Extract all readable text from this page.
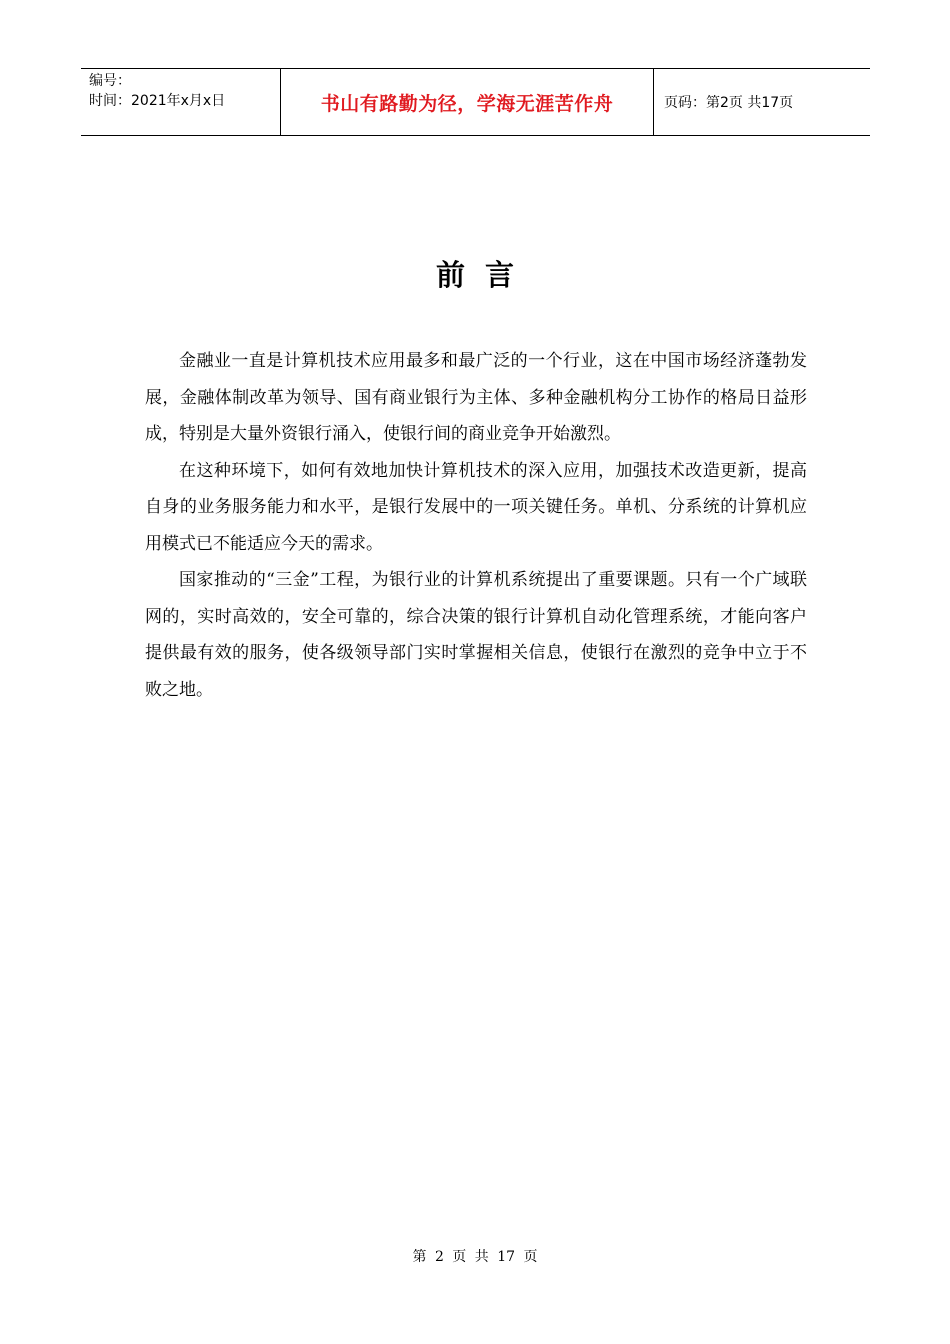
编号：
时间：2021年x月x日	书山有路勤为径，学海无涯苦作舟	页码：第2页 共17页
前言

金融业一直是计算机技术应用最多和最广泛的一个行业，这在中国市场经济蓬勃发展，金融体制改革为领导、国有商业银行为主体、多种金融机构分工协作的格局日益形成，特别是大量外资银行涌入，使银行间的商业竞争开始激烈。

在这种环境下，如何有效地加快计算机技术的深入应用，加强技术改造更新，提高自身的业务服务能力和水平，是银行发展中的一项关键任务。单机、分系统的计算机应用模式已不能适应今天的需求。

国家推动的“三金”工程，为银行业的计算机系统提出了重要课题。只有一个广域联网的，实时高效的，安全可靠的，综合决策的银行计算机自动化管理系统，才能向客户提供最有效的服务，使各级领导部门实时掌握相关信息，使银行在激烈的竞争中立于不败之地。

第 2 页 共 17 页
